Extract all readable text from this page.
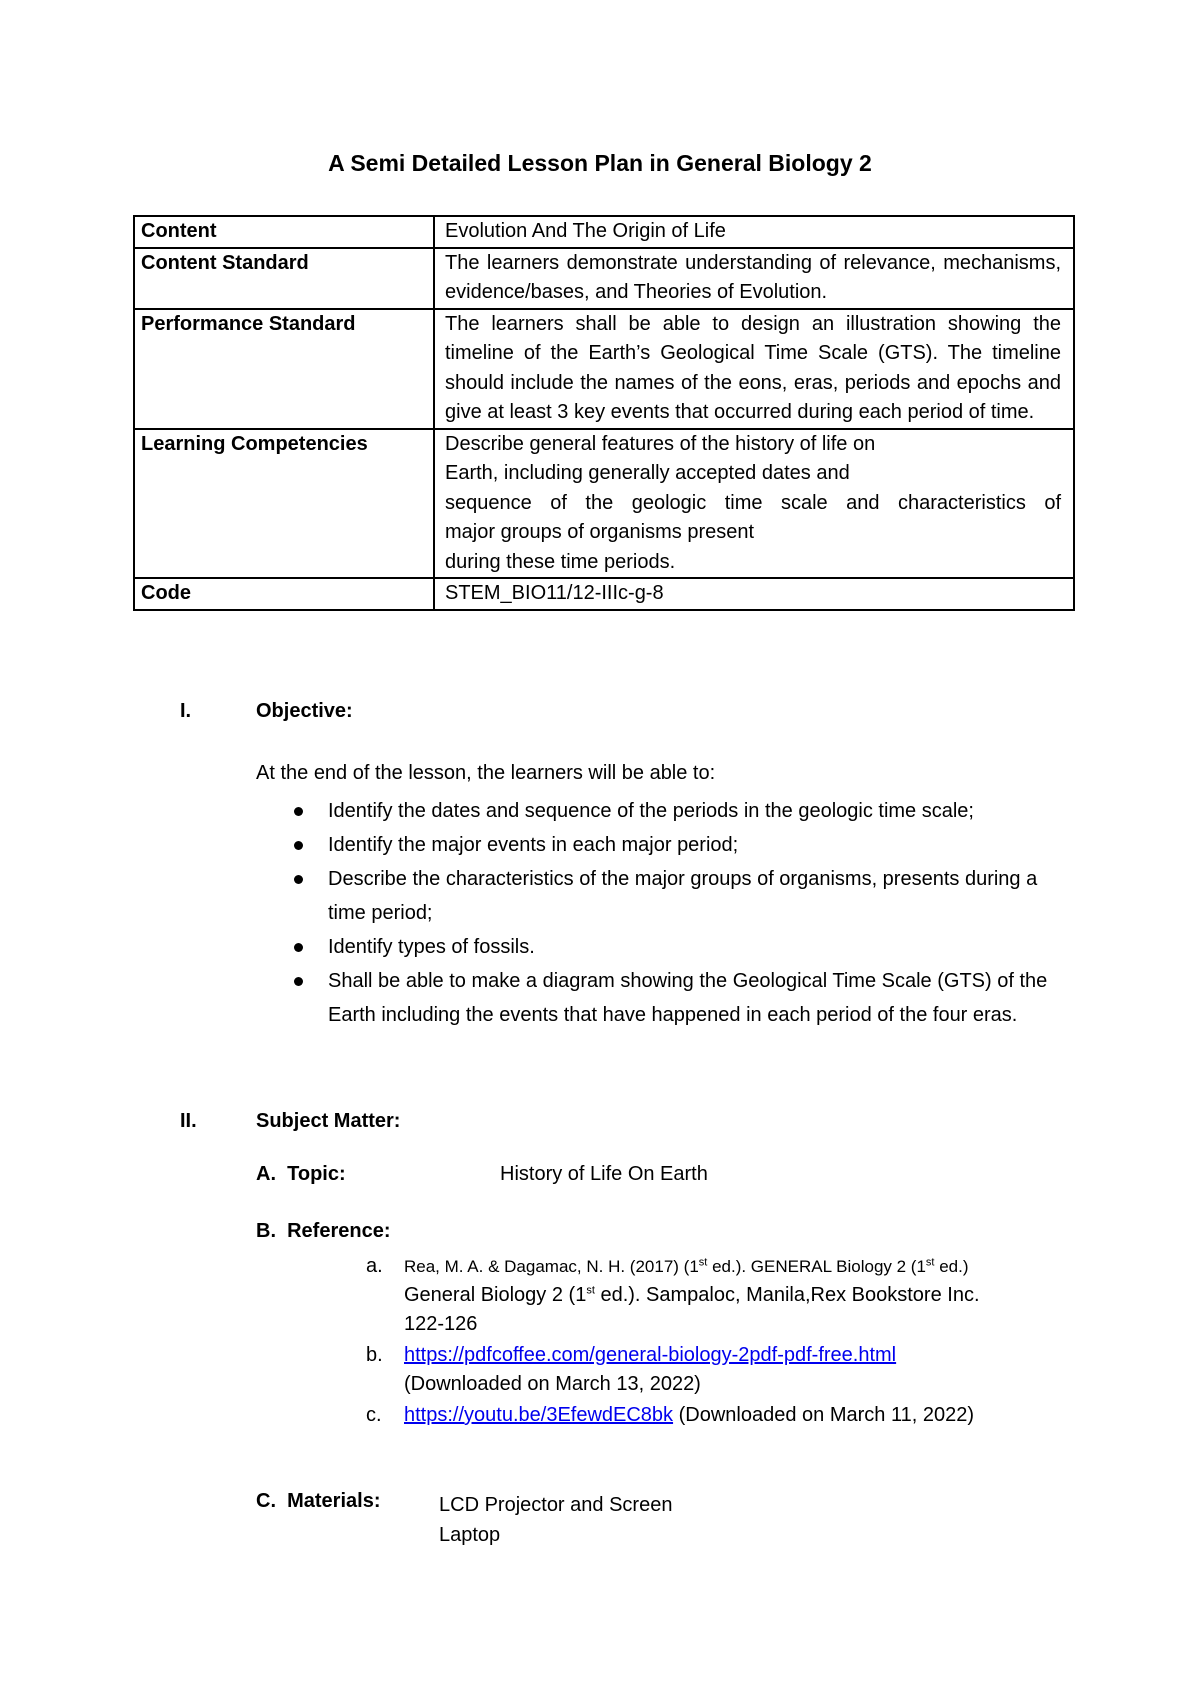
A Semi Detailed Lesson Plan in General Biology 2
Content	Evolution And The Origin of Life
Content Standard	The learners demonstrate understanding of relevance, mechanisms, evidence/bases, and Theories of Evolution.
Performance Standard	The learners shall be able to design an illustration showing the timeline of the Earth’s Geological Time Scale (GTS). The timeline should include the names of the eons, eras, periods and epochs and give at least 3 key events that occurred during each period of time.
Learning Competencies	Describe general features of the history of life on
Earth, including generally accepted dates and
sequence of the geologic time scale and characteristics of
major groups of organisms present
during these time periods.

Code	STEM_BIO11/12-IIIc-g-8
I.	Objective:
At the end of the lesson, the learners will be able to:
Identify the dates and sequence of the periods in the geologic time scale;
Identify the major events in each major period;
Describe the characteristics of the major groups of organisms, presents during a time period;
Identify types of fossils.
Shall be able to make a diagram showing the Geological Time Scale (GTS) of the Earth including the events that have happened in each period of the four eras.
II.	Subject Matter:
A.  Topic:	History of Life On Earth
B.  Reference:
a. Rea, M. A. & Dagamac, N. H. (2017) (1st ed.). GENERAL Biology 2 (1st ed.)
General Biology 2 (1st ed.). Sampaloc, Manila,Rex Bookstore Inc.
122-126
b. https://pdfcoffee.com/general-biology-2pdf-pdf-free.html
(Downloaded on March 13, 2022)
c. https://youtu.be/3EfewdEC8bk (Downloaded on March 11, 2022)
C.  Materials:	LCD Projector and Screen
Laptop
